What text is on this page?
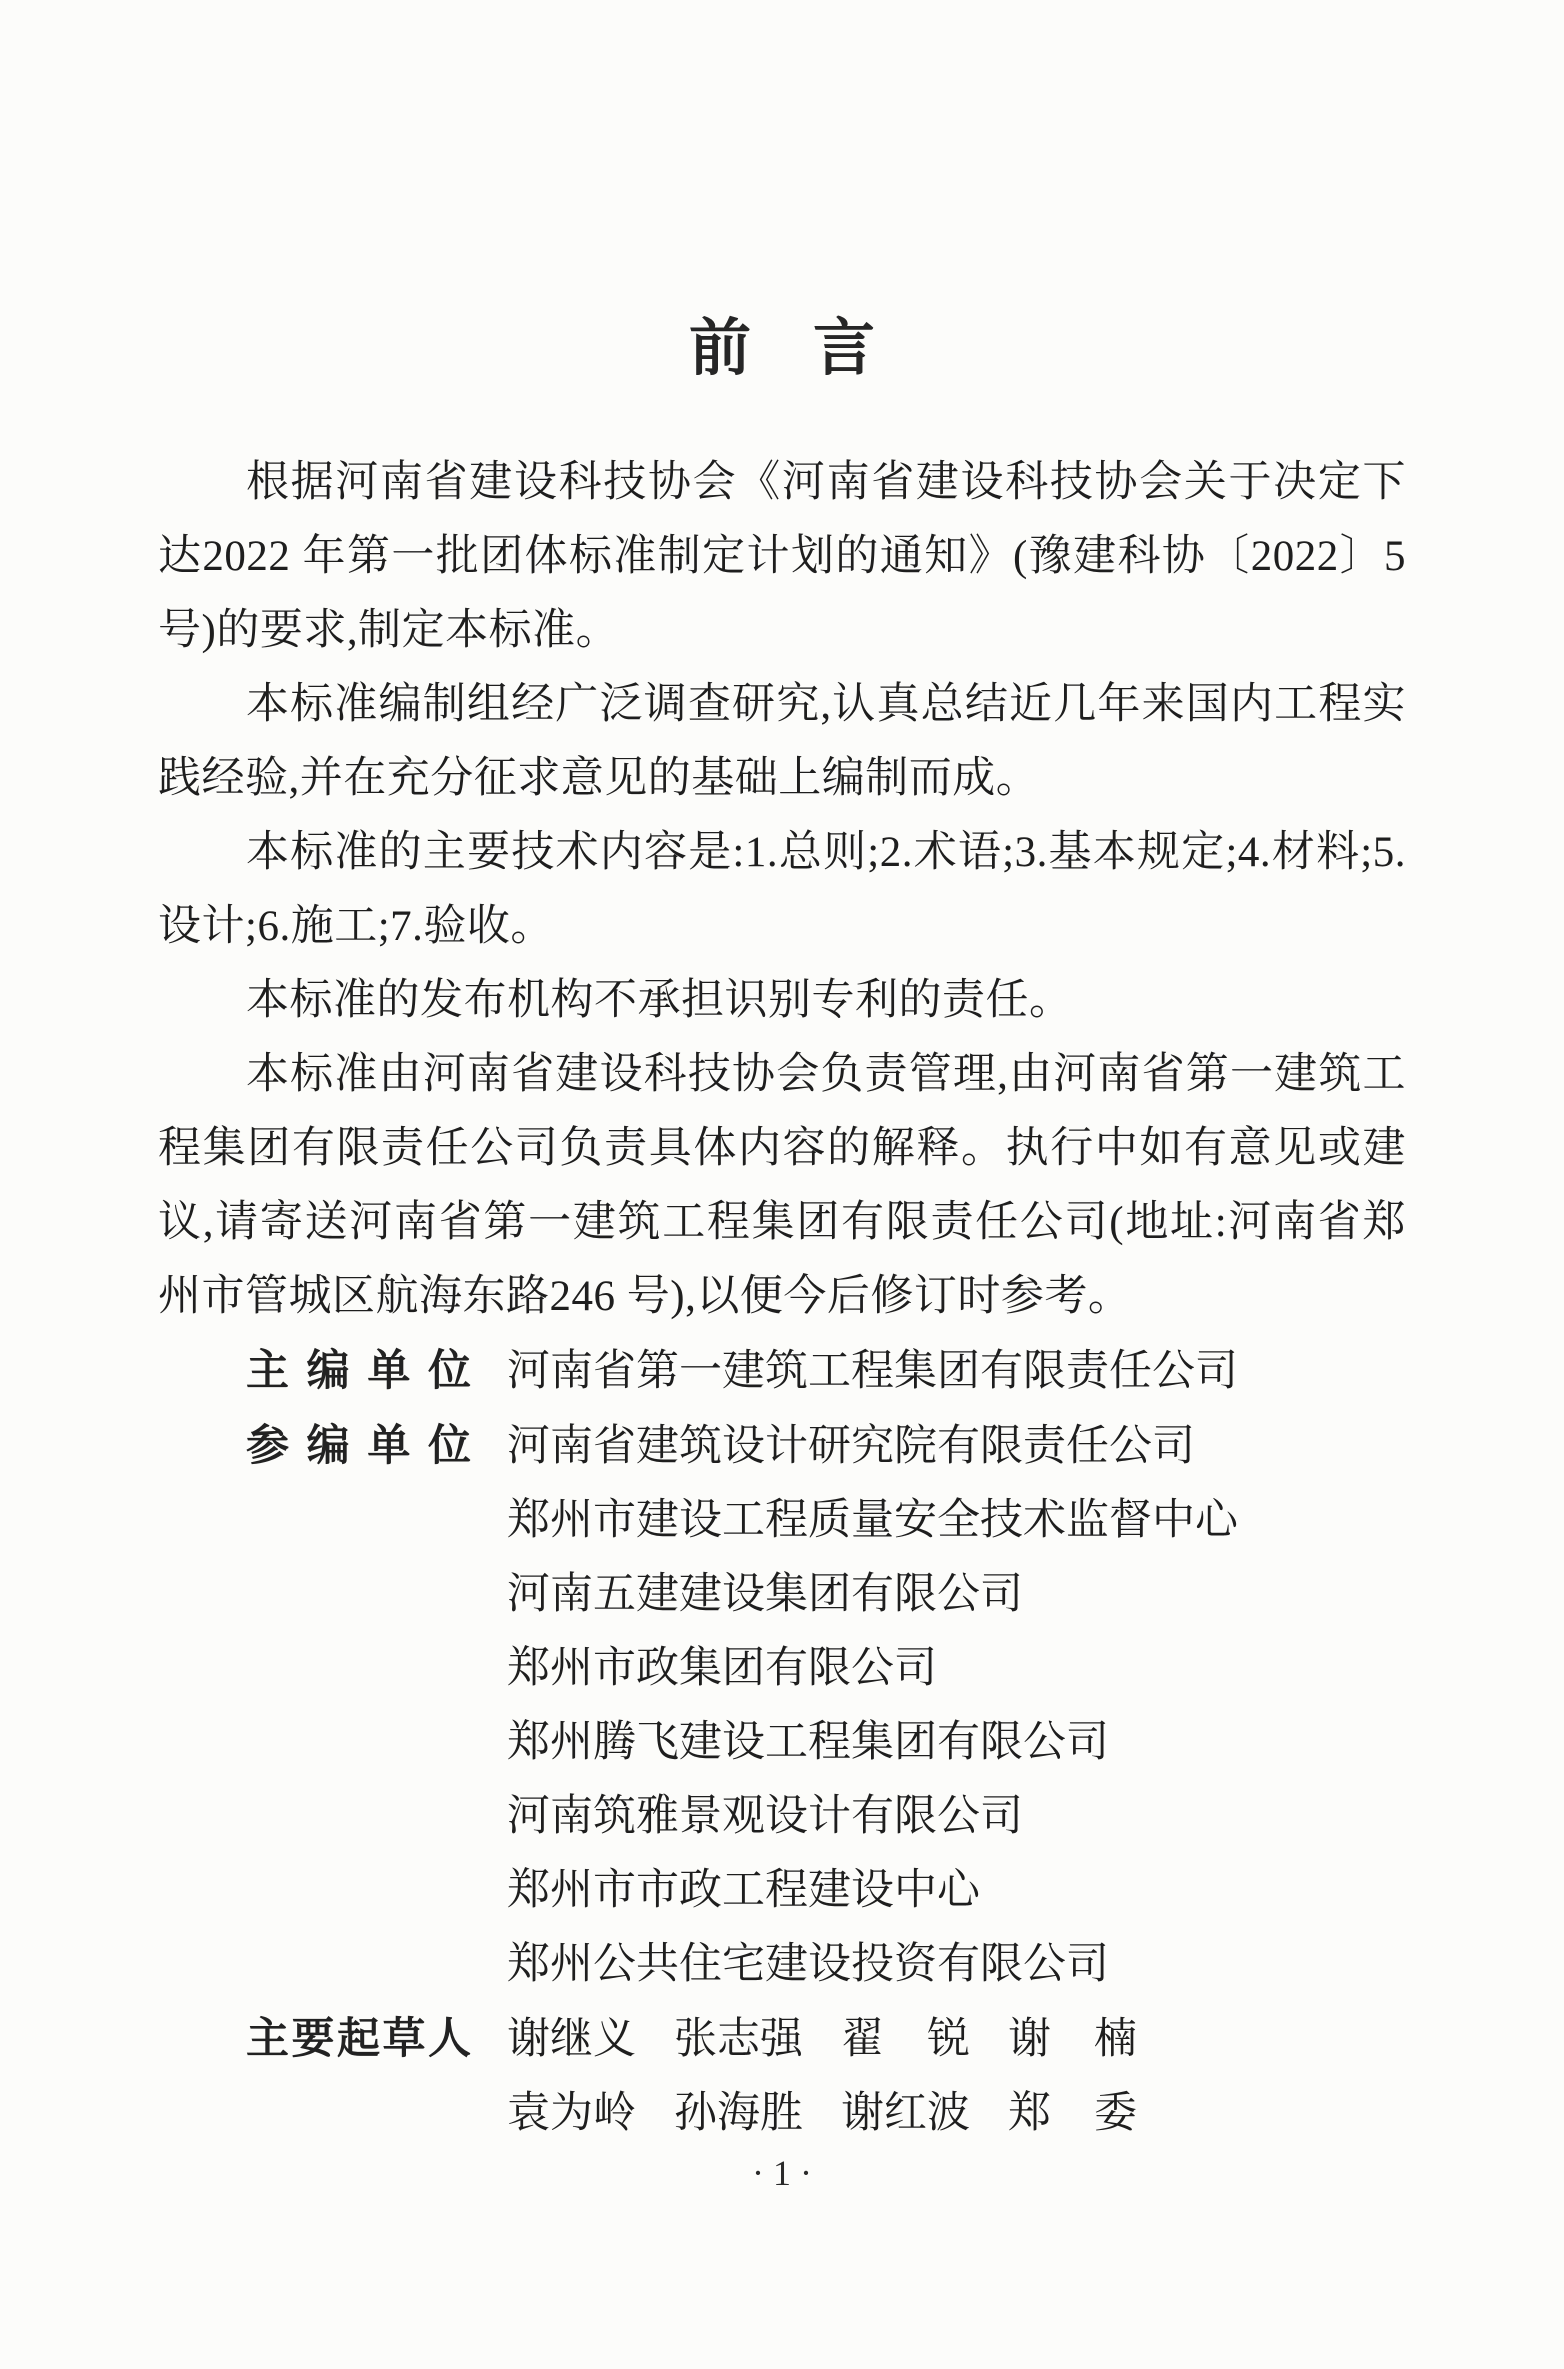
前　言

根据河南省建设科技协会《河南省建设科技协会关于决定下达2022 年第一批团体标准制定计划的通知》(豫建科协〔2022〕5 号)的要求,制定本标准。

本标准编制组经广泛调查研究,认真总结近几年来国内工程实践经验,并在充分征求意见的基础上编制而成。

本标准的主要技术内容是:1.总则;2.术语;3.基本规定;4.材料;5.设计;6.施工;7.验收。

本标准的发布机构不承担识别专利的责任。

本标准由河南省建设科技协会负责管理,由河南省第一建筑工程集团有限责任公司负责具体内容的解释。执行中如有意见或建议,请寄送河南省第一建筑工程集团有限责任公司(地址:河南省郑州市管城区航海东路246 号),以便今后修订时参考。

主编单位 河南省第一建筑工程集团有限责任公司
参编单位 河南省建筑设计研究院有限责任公司
郑州市建设工程质量安全技术监督中心
河南五建建设集团有限公司
郑州市政集团有限公司
郑州腾飞建设工程集团有限公司
河南筑雅景观设计有限公司
郑州市市政工程建设中心
郑州公共住宅建设投资有限公司
主要起草人 谢继义 张志强 翟　锐 谢　楠
袁为岭 孙海胜 谢红波 郑　委
· 1 ·
